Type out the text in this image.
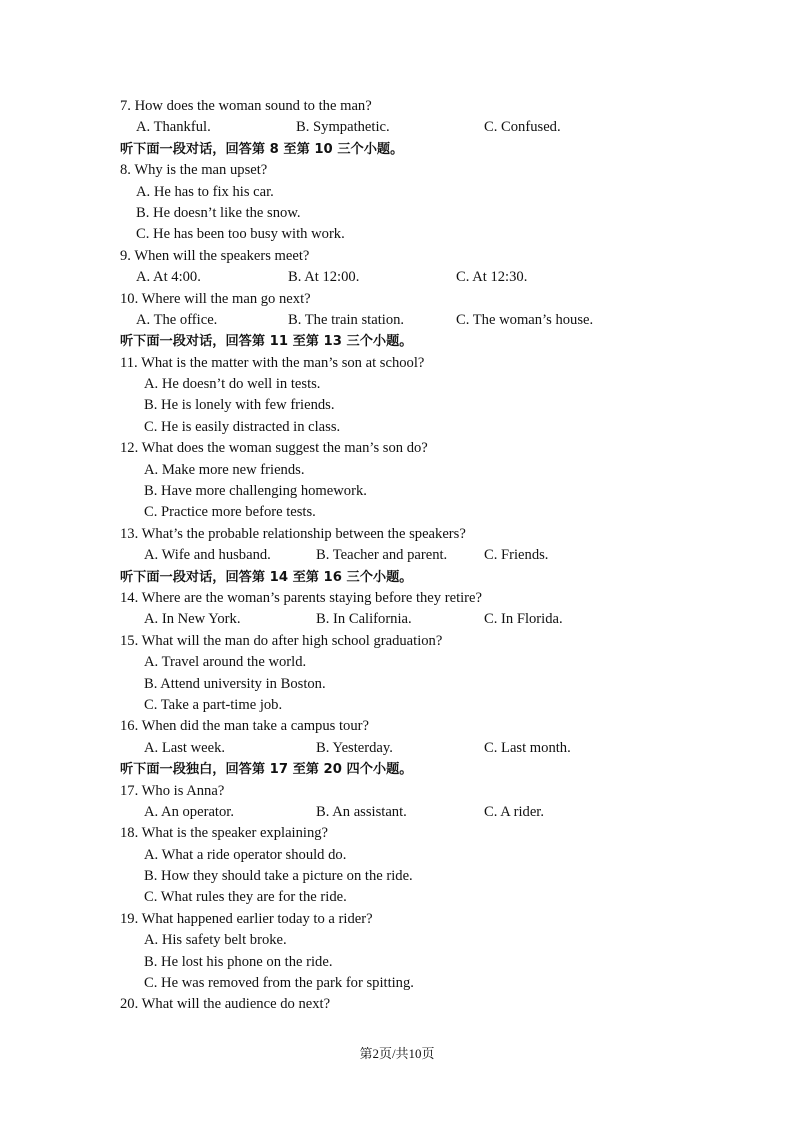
7. How does the woman sound to the man?
A. Thankful.	B. Sympathetic.	C. Confused.
听下面一段对话，回答第 8 至第 10 三个小题。
8. Why is the man upset?
A. He has to fix his car.
B. He doesn’t like the snow.
C. He has been too busy with work.
9. When will the speakers meet?
A. At 4:00.	B. At 12:00.	C. At 12:30.
10. Where will the man go next?
A. The office.	B. The train station.	C. The woman’s house.
听下面一段对话，回答第 11 至第 13 三个小题。
11. What is the matter with the man’s son at school?
A. He doesn’t do well in tests.
B. He is lonely with few friends.
C. He is easily distracted in class.
12. What does the woman suggest the man’s son do?
A. Make more new friends.
B. Have more challenging homework.
C. Practice more before tests.
13. What’s the probable relationship between the speakers?
A. Wife and husband.	B. Teacher and parent.	C. Friends.
听下面一段对话，回答第 14 至第 16 三个小题。
14. Where are the woman’s parents staying before they retire?
A. In New York.	B. In California.	C. In Florida.
15. What will the man do after high school graduation?
A. Travel around the world.
B. Attend university in Boston.
C. Take a part-time job.
16. When did the man take a campus tour?
A. Last week.	B. Yesterday.	C. Last month.
听下面一段独白，回答第 17 至第 20 四个小题。
17. Who is Anna?
A. An operator.	B. An assistant.	C. A rider.
18. What is the speaker explaining?
A. What a ride operator should do.
B. How they should take a picture on the ride.
C. What rules they are for the ride.
19. What happened earlier today to a rider?
A. His safety belt broke.
B. He lost his phone on the ride.
C. He was removed from the park for spitting.
20. What will the audience do next?
第2页/共10页
